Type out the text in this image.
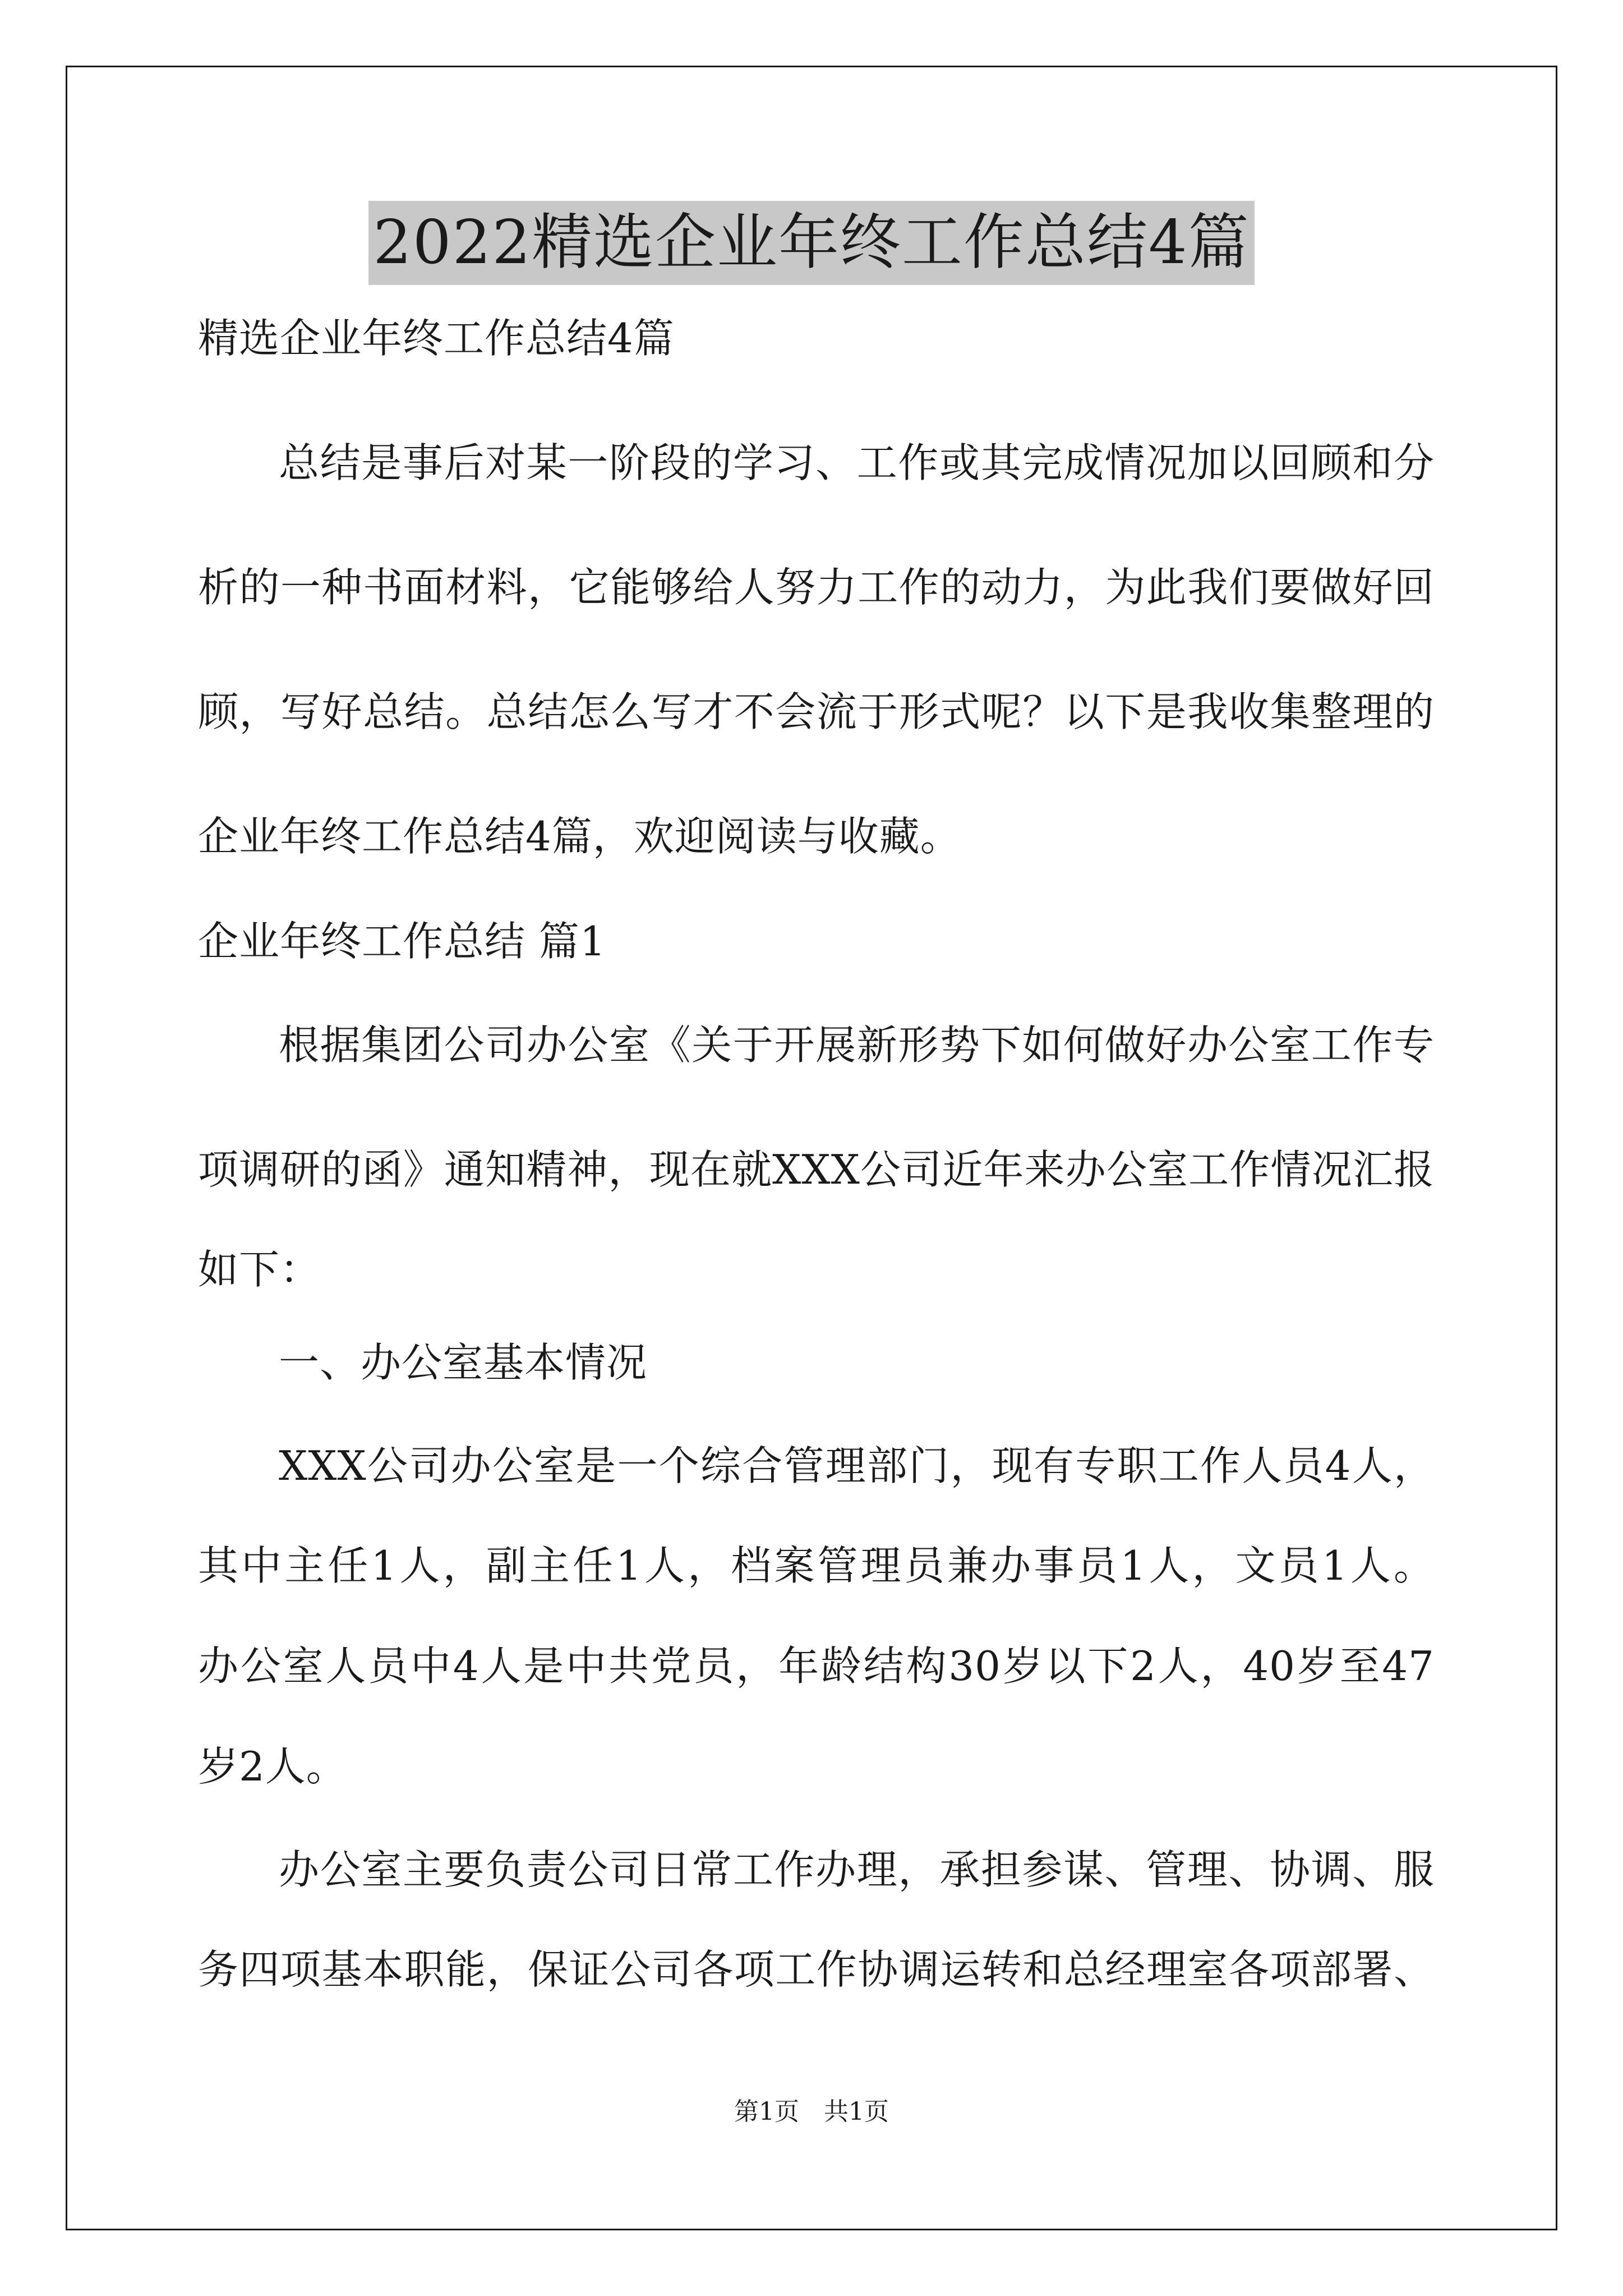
2022精选企业年终工作总结4篇
精选企业年终工作总结4篇
总结是事后对某一阶段的学习、工作或其完成情况加以回顾和分
析的一种书面材料，它能够给人努力工作的动力，为此我们要做好回
顾，写好总结。总结怎么写才不会流于形式呢？以下是我收集整理的
企业年终工作总结4篇，欢迎阅读与收藏。
企业年终工作总结 篇1
根据集团公司办公室《关于开展新形势下如何做好办公室工作专
项调研的函》通知精神，现在就XXX公司近年来办公室工作情况汇报
如下：
一、办公室基本情况
XXX公司办公室是一个综合管理部门，现有专职工作人员4人，
其中主任1人，副主任1人，档案管理员兼办事员1人，文员1人。
办公室人员中4人是中共党员，年龄结构30岁以下2人，40岁至47
岁2人。
办公室主要负责公司日常工作办理，承担参谋、管理、协调、服
务四项基本职能，保证公司各项工作协调运转和总经理室各项部署、
第1页　共1页
